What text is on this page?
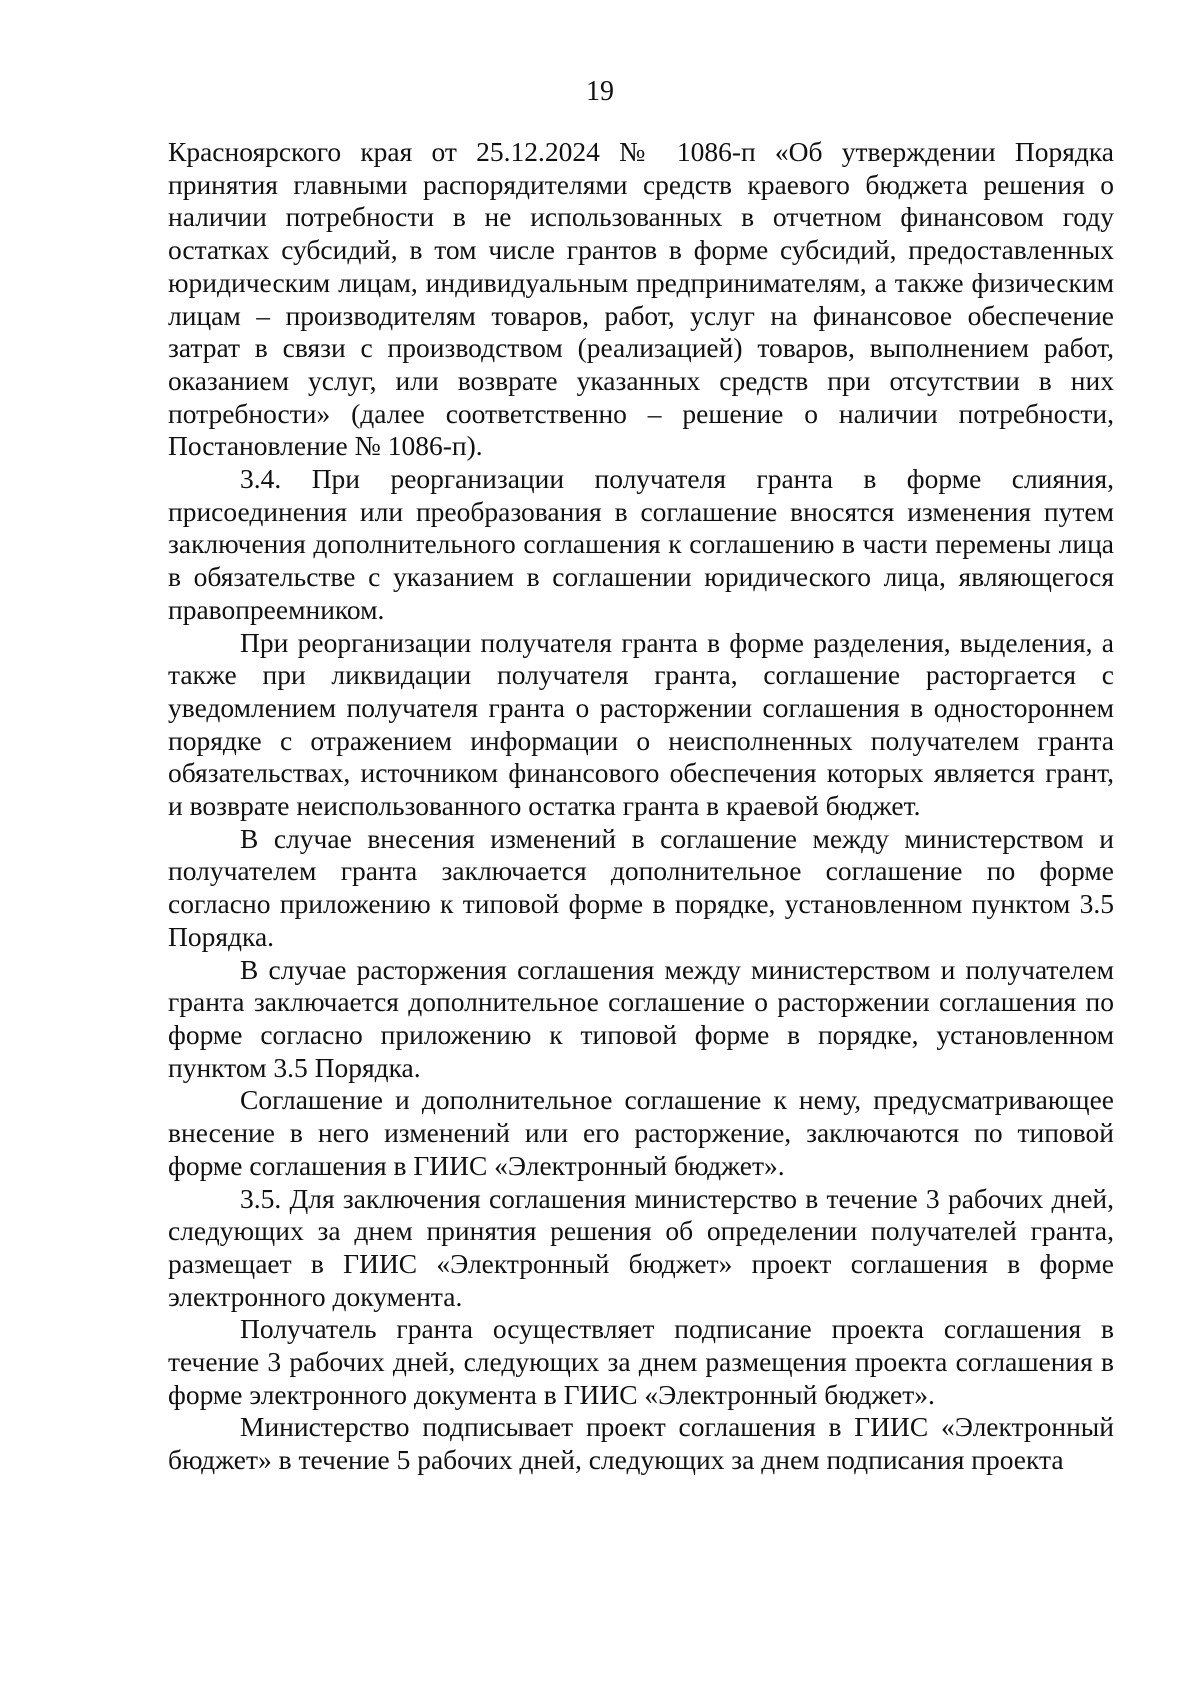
19

Красноярского края от 25.12.2024 № 1086-п «Об утверждении Порядка принятия главными распорядителями средств краевого бюджета решения о наличии потребности в не использованных в отчетном финансовом году остатках субсидий, в том числе грантов в форме субсидий, предоставленных юридическим лицам, индивидуальным предпринимателям, а также физическим лицам – производителям товаров, работ, услуг на финансовое обеспечение затрат в связи с производством (реализацией) товаров, выполнением работ, оказанием услуг, или возврате указанных средств при отсутствии в них потребности» (далее соответственно – решение о наличии потребности, Постановление № 1086-п).

3.4. При реорганизации получателя гранта в форме слияния, присоединения или преобразования в соглашение вносятся изменения путем заключения дополнительного соглашения к соглашению в части перемены лица в обязательстве с указанием в соглашении юридического лица, являющегося правопреемником.

При реорганизации получателя гранта в форме разделения, выделения, а также при ликвидации получателя гранта, соглашение расторгается с уведомлением получателя гранта о расторжении соглашения в одностороннем порядке с отражением информации о неисполненных получателем гранта обязательствах, источником финансового обеспечения которых является грант, и возврате неиспользованного остатка гранта в краевой бюджет.

В случае внесения изменений в соглашение между министерством и получателем гранта заключается дополнительное соглашение по форме согласно приложению к типовой форме в порядке, установленном пунктом 3.5 Порядка.

В случае расторжения соглашения между министерством и получателем гранта заключается дополнительное соглашение о расторжении соглашения по форме согласно приложению к типовой форме в порядке, установленном пунктом 3.5 Порядка.

Соглашение и дополнительное соглашение к нему, предусматривающее внесение в него изменений или его расторжение, заключаются по типовой форме соглашения в ГИИС «Электронный бюджет».

3.5. Для заключения соглашения министерство в течение 3 рабочих дней, следующих за днем принятия решения об определении получателей гранта, размещает в ГИИС «Электронный бюджет» проект соглашения в форме электронного документа.

Получатель гранта осуществляет подписание проекта соглашения в течение 3 рабочих дней, следующих за днем размещения проекта соглашения в форме электронного документа в ГИИС «Электронный бюджет».

Министерство подписывает проект соглашения в ГИИС «Электронный бюджет» в течение 5 рабочих дней, следующих за днем подписания проекта
